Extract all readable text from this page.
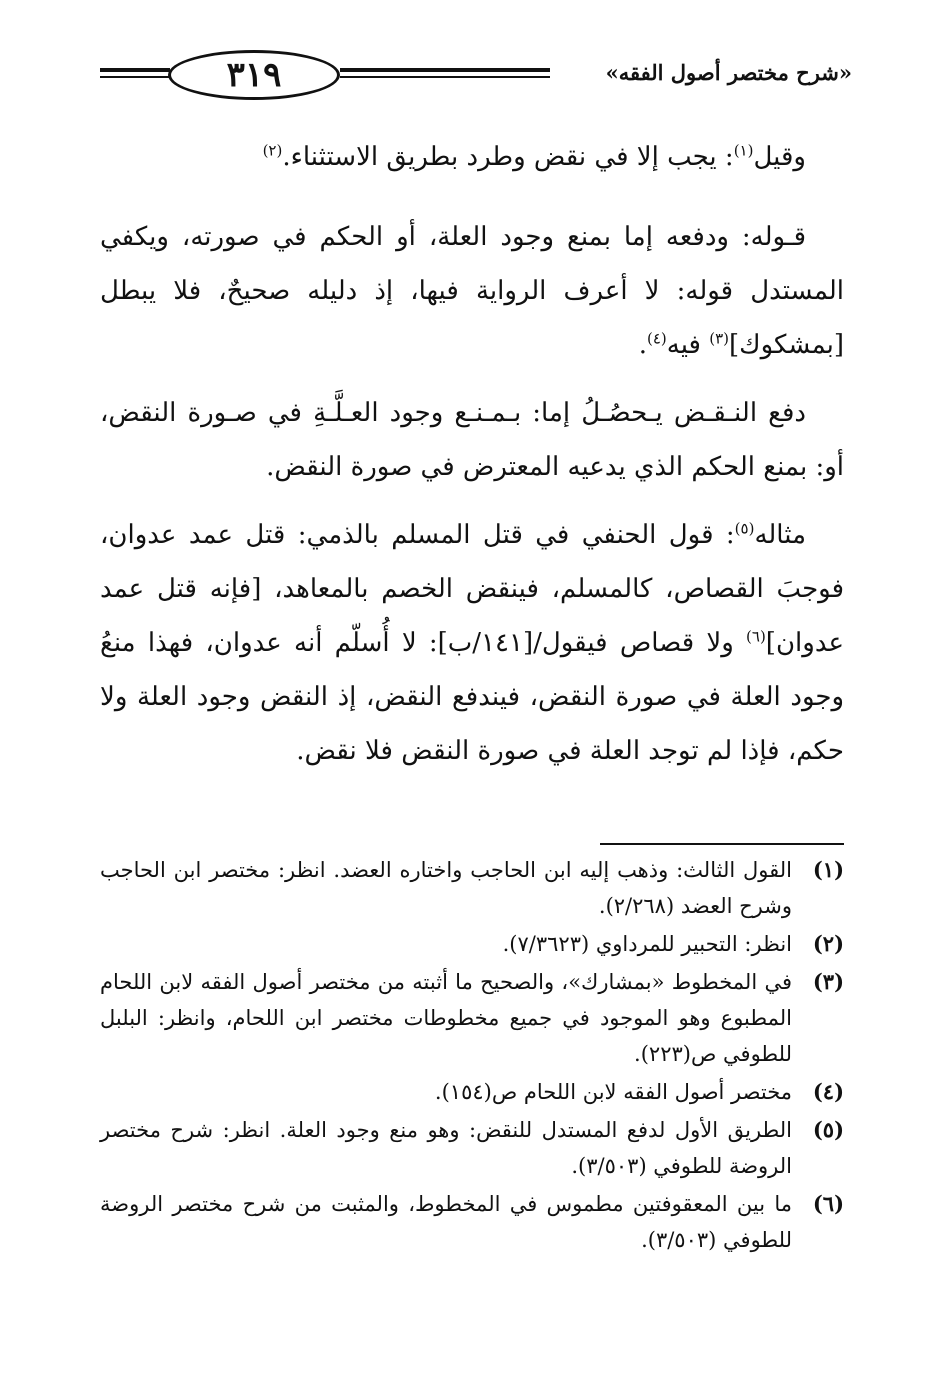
«شرح مختصر أصول الفقه»
٣١٩

وقيل$^{(١)}$: يجب إلا في نقض وطرد بطريق الاستثناء.$^{(٢)}$

قـوله: ودفعه إما بمنع وجود العلة، أو الحكم في صورته، ويكفي المستدل قوله: لا أعرف الرواية فيها، إذ دليله صحيحٌ، فلا يبطل [بمشكوك]$^{(٣)}$ فيه$^{(٤)}$.

دفع النـقـض يـحصُـلُ إما: بـمـنـع وجود العـلَّـةِ في صـورة النقض، أو: بمنع الحكم الذي يدعيه المعترض في صورة النقض.

مثاله$^{(٥)}$: قول الحنفي في قتل المسلم بالذمي: قتل عمد عدوان، فوجبَ القصاص، كالمسلم، فينقض الخصم بالمعاهد، [فإنه قتل عمد عدوان]$^{(٦)}$ ولا قصاص فيقول/[١٤١/ب]: لا أُسلّم أنه عدوان، فهذا منعُ وجود العلة في صورة النقض، فيندفع النقض، إذ النقض وجود العلة ولا حكم، فإذا لم توجد العلة في صورة النقض فلا نقض.

(١)
القول الثالث: وذهب إليه ابن الحاجب واختاره العضد. انظر: مختصر ابن الحاجب وشرح العضد (٢/٢٦٨).
(٢)
انظر: التحبير للمرداوي (٧/٣٦٢٣).
(٣)
في المخطوط «بمشارك»، والصحيح ما أثبته من مختصر أصول الفقه لابن اللحام المطبوع وهو الموجود في جميع مخطوطات مختصر ابن اللحام، وانظر: البلبل للطوفي ص(٢٢٣).
(٤)
مختصر أصول الفقه لابن اللحام ص(١٥٤).
(٥)
الطريق الأول لدفع المستدل للنقض: وهو منع وجود العلة. انظر: شرح مختصر الروضة للطوفي (٣/٥٠٣).
(٦)
ما بين المعقوفتين مطموس في المخطوط، والمثبت من شرح مختصر الروضة للطوفي (٣/٥٠٣).
